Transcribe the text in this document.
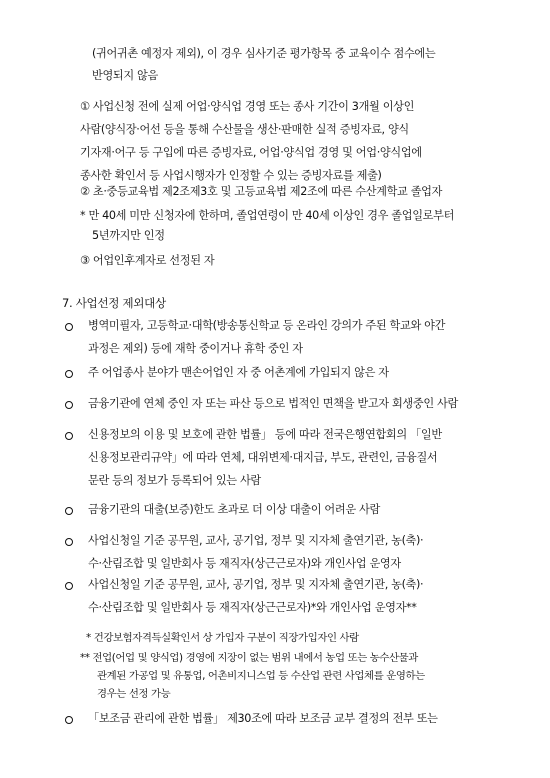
(귀어귀촌 예정자 제외), 이 경우 심사기준 평가항목 중 교육이수 점수에는
반영되지 않음
① 사업신청 전에 실제 어업·양식업 경영 또는 종사 기간이 3개월 이상인
사람(양식장·어선 등을 통해 수산물을 생산·판매한 실적 증빙자료, 양식
기자재·어구 등 구입에 따른 증빙자료, 어업·양식업 경영 및 어업·양식업에
종사한 확인서 등 사업시행자가 인정할 수 있는 증빙자료를 제출)
② 초·중등교육법 제2조제3호 및 고등교육법 제2조에 따른 수산계학교 졸업자
* 만 40세 미만 신청자에 한하며, 졸업연령이 만 40세 이상인 경우 졸업일로부터
5년까지만 인정
③ 어업인후계자로 선정된 자
7. 사업선정 제외대상
병역미필자, 고등학교·대학(방송통신학교 등 온라인 강의가 주된 학교와 야간
과정은 제외) 등에 재학 중이거나 휴학 중인 자
주 어업종사 분야가 맨손어업인 자 중 어촌계에 가입되지 않은 자
금융기관에 연체 중인 자 또는 파산 등으로 법적인 면책을 받고자 회생중인 사람
신용정보의 이용 및 보호에 관한 법률」 등에 따라 전국은행연합회의 「일반
신용정보관리규약」에 따라 연체, 대위변제·대지급, 부도, 관련인, 금융질서
문란 등의 정보가 등록되어 있는 사람
금융기관의 대출(보증)한도 초과로 더 이상 대출이 어려운 사람
사업신청일 기준 공무원, 교사, 공기업, 정부 및 지자체 출연기관, 농(축)·
수·산림조합 및 일반회사 등 재직자(상근근로자)와 개인사업 운영자
사업신청일 기준 공무원, 교사, 공기업, 정부 및 지자체 출연기관, 농(축)·
수·산림조합 및 일반회사 등 재직자(상근근로자)*와 개인사업 운영자**
* 건강보험자격득실확인서 상 가입자 구분이 직장가입자인 사람
** 전업(어업 및 양식업) 경영에 지장이 없는 범위 내에서 농업 또는 농수산물과
관계된 가공업 및 유통업, 어촌비지니스업 등 수산업 관련 사업체를 운영하는
경우는 선정 가능
「보조금 관리에 관한 법률」 제30조에 따라 보조금 교부 결정의 전부 또는
